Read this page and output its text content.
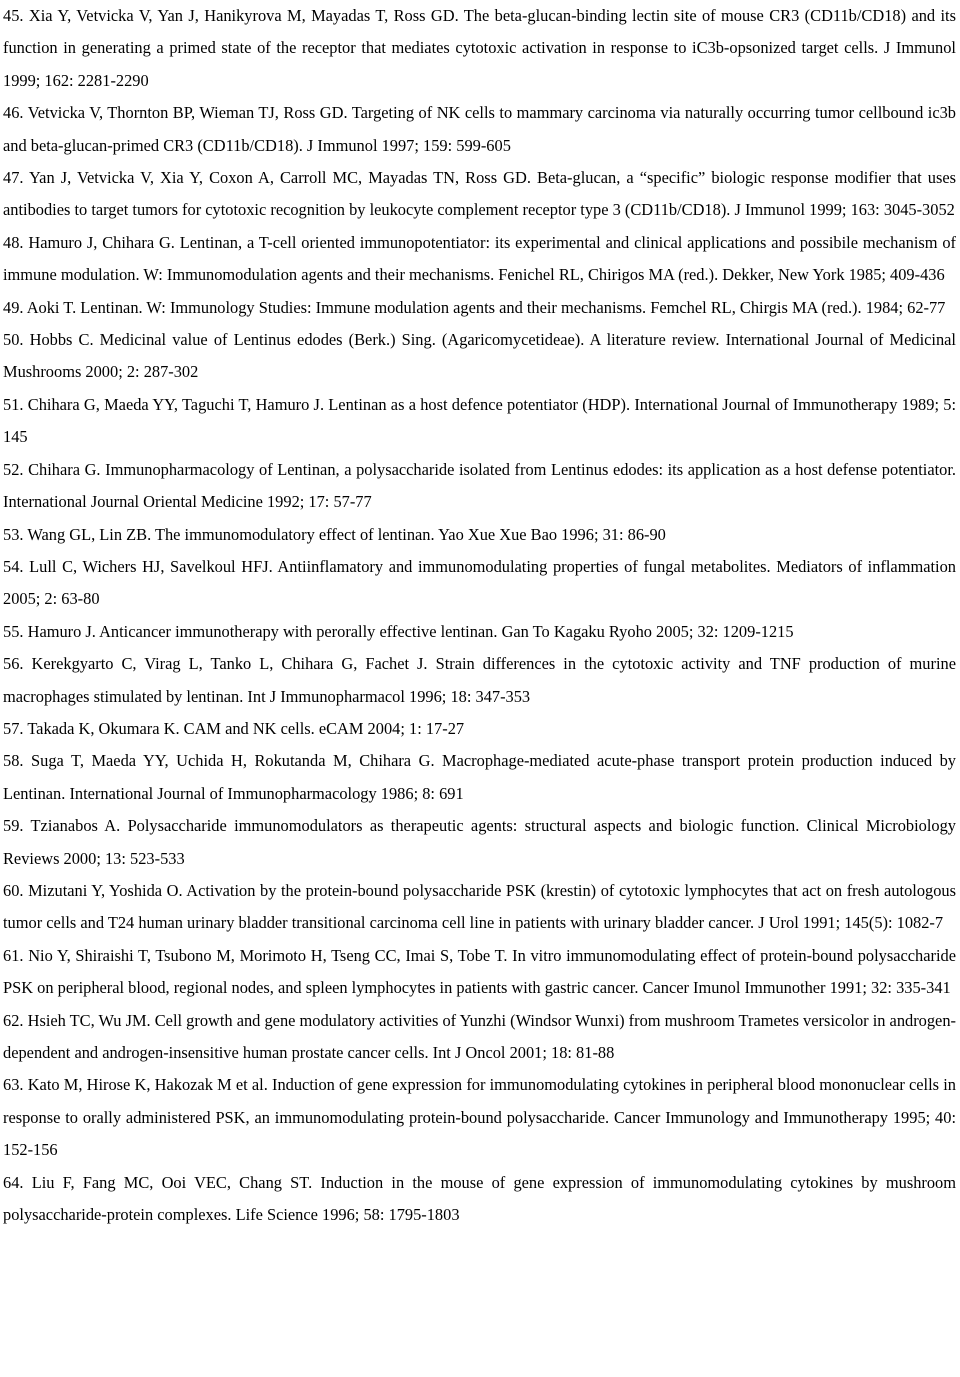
45. Xia Y, Vetvicka V, Yan J, Hanikyrova M, Mayadas T, Ross GD. The beta-glucan-binding lectin site of mouse CR3 (CD11b/CD18) and its function in generating a primed state of the receptor that mediates cytotoxic activation in response to iC3b-opsonized target cells. J Immunol 1999; 162: 2281-2290

46. Vetvicka V, Thornton BP, Wieman TJ, Ross GD. Targeting of NK cells to mammary carcinoma via naturally occurring tumor cellbound ic3b and beta-glucan-primed CR3 (CD11b/CD18). J Immunol 1997; 159: 599-605

47. Yan J, Vetvicka V, Xia Y, Coxon A, Carroll MC, Mayadas TN, Ross GD. Beta-glucan, a “specific” biologic response modifier that uses antibodies to target tumors for cytotoxic recognition by leukocyte complement receptor type 3 (CD11b/CD18). J Immunol 1999; 163: 3045-3052

48. Hamuro J, Chihara G. Lentinan, a T-cell oriented immunopotentiator: its experimental and clinical applications and possibile mechanism of immune modulation. W: Immunomodulation agents and their mechanisms. Fenichel RL, Chirigos MA (red.). Dekker, New York 1985; 409-436

49. Aoki T. Lentinan. W: Immunology Studies: Immune modulation agents and their mechanisms. Femchel RL, Chirgis MA (red.). 1984; 62-77

50. Hobbs C. Medicinal value of Lentinus edodes (Berk.) Sing. (Agaricomycetideae). A literature review. International Journal of Medicinal Mushrooms 2000; 2: 287-302

51. Chihara G, Maeda YY, Taguchi T, Hamuro J. Lentinan as a host defence potentiator (HDP). International Journal of Immunotherapy 1989; 5: 145

52. Chihara G. Immunopharmacology of Lentinan, a polysaccharide isolated from Lentinus edodes: its application as a host defense potentiator. International Journal Oriental Medicine 1992; 17: 57-77

53. Wang GL, Lin ZB. The immunomodulatory effect of lentinan. Yao Xue Xue Bao 1996; 31: 86-90

54. Lull C, Wichers HJ, Savelkoul HFJ. Antiinflamatory and immunomodulating properties of fungal metabolites. Mediators of inflammation 2005; 2: 63-80

55. Hamuro J. Anticancer immunotherapy with perorally effective lentinan. Gan To Kagaku Ryoho 2005; 32: 1209-1215

56. Kerekgyarto C, Virag L, Tanko L, Chihara G, Fachet J. Strain differences in the cytotoxic activity and TNF production of murine macrophages stimulated by lentinan. Int J Immunopharmacol 1996; 18: 347-353

57. Takada K, Okumara K. CAM and NK cells. eCAM 2004; 1: 17-27

58. Suga T, Maeda YY, Uchida H, Rokutanda M, Chihara G. Macrophage-mediated acute-phase transport protein production induced by Lentinan. International Journal of Immunopharmacology 1986; 8: 691

59. Tzianabos A. Polysaccharide immunomodulators as therapeutic agents: structural aspects and biologic function. Clinical Microbiology Reviews 2000; 13: 523-533

60. Mizutani Y, Yoshida O. Activation by the protein-bound polysaccharide PSK (krestin) of cytotoxic lymphocytes that act on fresh autologous tumor cells and T24 human urinary bladder transitional carcinoma cell line in patients with urinary bladder cancer. J Urol 1991; 145(5): 1082-7

61. Nio Y, Shiraishi T, Tsubono M, Morimoto H, Tseng CC, Imai S, Tobe T. In vitro immunomodulating effect of protein-bound polysaccharide PSK on peripheral blood, regional nodes, and spleen lymphocytes in patients with gastric cancer. Cancer Imunol Immunother 1991; 32: 335-341

62. Hsieh TC, Wu JM. Cell growth and gene modulatory activities of Yunzhi (Windsor Wunxi) from mushroom Trametes versicolor in androgen-dependent and androgen-insensitive human prostate cancer cells. Int J Oncol 2001; 18: 81-88

63. Kato M, Hirose K, Hakozak M et al. Induction of gene expression for immunomodulating cytokines in peripheral blood mononuclear cells in response to orally administered PSK, an immunomodulating protein-bound polysaccharide. Cancer Immunology and Immunotherapy 1995; 40: 152-156

64. Liu F, Fang MC, Ooi VEC, Chang ST. Induction in the mouse of gene expression of immunomodulating cytokines by mushroom polysaccharide-protein complexes. Life Science 1996; 58: 1795-1803
